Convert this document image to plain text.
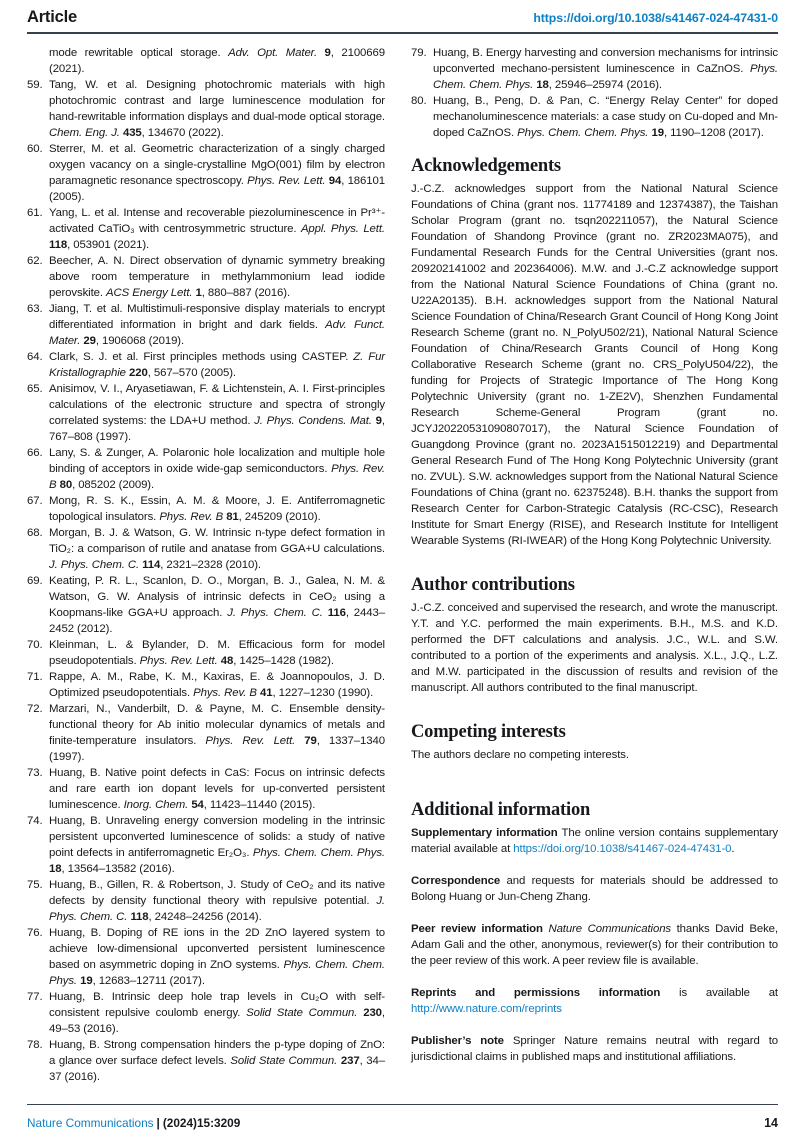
Article	https://doi.org/10.1038/s41467-024-47431-0
mode rewritable optical storage. Adv. Opt. Mater. 9, 2100669 (2021).
59. Tang, W. et al. Designing photochromic materials with high photochromic contrast and large luminescence modulation for hand-rewritable information displays and dual-mode optical storage. Chem. Eng. J. 435, 134670 (2022).
60. Sterrer, M. et al. Geometric characterization of a singly charged oxygen vacancy on a single-crystalline MgO(001) film by electron paramagnetic resonance spectroscopy. Phys. Rev. Lett. 94, 186101 (2005).
61. Yang, L. et al. Intense and recoverable piezoluminescence in Pr³⁺-activated CaTiO₃ with centrosymmetric structure. Appl. Phys. Lett. 118, 053901 (2021).
62. Beecher, A. N. Direct observation of dynamic symmetry breaking above room temperature in methylammonium lead iodide perovskite. ACS Energy Lett. 1, 880–887 (2016).
63. Jiang, T. et al. Multistimuli-responsive display materials to encrypt differentiated information in bright and dark fields. Adv. Funct. Mater. 29, 1906068 (2019).
64. Clark, S. J. et al. First principles methods using CASTEP. Z. Fur Kristallographie 220, 567–570 (2005).
65. Anisimov, V. I., Aryasetiawan, F. & Lichtenstein, A. I. First-principles calculations of the electronic structure and spectra of strongly correlated systems: the LDA+U method. J. Phys. Condens. Mat. 9, 767–808 (1997).
66. Lany, S. & Zunger, A. Polaronic hole localization and multiple hole binding of acceptors in oxide wide-gap semiconductors. Phys. Rev. B 80, 085202 (2009).
67. Mong, R. S. K., Essin, A. M. & Moore, J. E. Antiferromagnetic topological insulators. Phys. Rev. B 81, 245209 (2010).
68. Morgan, B. J. & Watson, G. W. Intrinsic n-type defect formation in TiO₂: a comparison of rutile and anatase from GGA+U calculations. J. Phys. Chem. C. 114, 2321–2328 (2010).
69. Keating, P. R. L., Scanlon, D. O., Morgan, B. J., Galea, N. M. & Watson, G. W. Analysis of intrinsic defects in CeO₂ using a Koopmans-like GGA+U approach. J. Phys. Chem. C. 116, 2443–2452 (2012).
70. Kleinman, L. & Bylander, D. M. Efficacious form for model pseudopotentials. Phys. Rev. Lett. 48, 1425–1428 (1982).
71. Rappe, A. M., Rabe, K. M., Kaxiras, E. & Joannopoulos, J. D. Optimized pseudopotentials. Phys. Rev. B 41, 1227–1230 (1990).
72. Marzari, N., Vanderbilt, D. & Payne, M. C. Ensemble density-functional theory for Ab initio molecular dynamics of metals and finite-temperature insulators. Phys. Rev. Lett. 79, 1337–1340 (1997).
73. Huang, B. Native point defects in CaS: Focus on intrinsic defects and rare earth ion dopant levels for up-converted persistent luminescence. Inorg. Chem. 54, 11423–11440 (2015).
74. Huang, B. Unraveling energy conversion modeling in the intrinsic persistent upconverted luminescence of solids: a study of native point defects in antiferromagnetic Er₂O₃. Phys. Chem. Chem. Phys. 18, 13564–13582 (2016).
75. Huang, B., Gillen, R. & Robertson, J. Study of CeO₂ and its native defects by density functional theory with repulsive potential. J. Phys. Chem. C. 118, 24248–24256 (2014).
76. Huang, B. Doping of RE ions in the 2D ZnO layered system to achieve low-dimensional upconverted persistent luminescence based on asymmetric doping in ZnO systems. Phys. Chem. Chem. Phys. 19, 12683–12711 (2017).
77. Huang, B. Intrinsic deep hole trap levels in Cu₂O with self-consistent repulsive coulomb energy. Solid State Commun. 230, 49–53 (2016).
78. Huang, B. Strong compensation hinders the p-type doping of ZnO: a glance over surface defect levels. Solid State Commun. 237, 34–37 (2016).
79. Huang, B. Energy harvesting and conversion mechanisms for intrinsic upconverted mechano-persistent luminescence in CaZnOS. Phys. Chem. Chem. Phys. 18, 25946–25974 (2016).
80. Huang, B., Peng, D. & Pan, C. “Energy Relay Center” for doped mechanoluminescence materials: a case study on Cu-doped and Mn-doped CaZnOS. Phys. Chem. Chem. Phys. 19, 1190–1208 (2017).
Acknowledgements

J.-C.Z. acknowledges support from the National Natural Science Foundations of China (grant nos. 11774189 and 12374387), the Taishan Scholar Program (grant no. tsqn202211057), the Natural Science Foundation of Shandong Province (grant no. ZR2023MA075), and Fundamental Research Funds for the Central Universities (grant nos. 209202141002 and 202364006). M.W. and J.-C.Z acknowledge support from the National Natural Science Foundations of China (grant no. U22A20135). B.H. acknowledges support from the National Natural Science Foundation of China/Research Grant Council of Hong Kong Joint Research Scheme (grant no. N_PolyU502/21), National Natural Science Foundation of China/Research Grants Council of Hong Kong Collaborative Research Scheme (grant no. CRS_PolyU504/22), the funding for Projects of Strategic Importance of The Hong Kong Polytechnic University (grant no. 1-ZE2V), Shenzhen Fundamental Research Scheme-General Program (grant no. JCYJ20220531090807017), the Natural Science Foundation of Guangdong Province (grant no. 2023A1515012219) and Departmental General Research Fund of The Hong Kong Polytechnic University (grant no. ZVUL). S.W. acknowledges support from the National Natural Science Foundations of China (grant no. 62375248). B.H. thanks the support from Research Center for Carbon-Strategic Catalysis (RC-CSC), Research Institute for Smart Energy (RISE), and Research Institute for Intelligent Wearable Systems (RI-IWEAR) of the Hong Kong Polytechnic University.

Author contributions

J.-C.Z. conceived and supervised the research, and wrote the manuscript. Y.T. and Y.C. performed the main experiments. B.H., M.S. and K.D. performed the DFT calculations and analysis. J.C., W.L. and S.W. contributed to a portion of the experiments and analysis. X.L., J.Q., L.Z. and M.W. participated in the discussion of results and revision of the manuscript. All authors contributed to the final manuscript.

Competing interests

The authors declare no competing interests.

Additional information

Supplementary information The online version contains supplementary material available at https://doi.org/10.1038/s41467-024-47431-0.

Correspondence and requests for materials should be addressed to Bolong Huang or Jun-Cheng Zhang.

Peer review information Nature Communications thanks David Beke, Adam Gali and the other, anonymous, reviewer(s) for their contribution to the peer review of this work. A peer review file is available.

Reprints and permissions information is available at http://www.nature.com/reprints

Publisher’s note Springer Nature remains neutral with regard to jurisdictional claims in published maps and institutional affiliations.

Nature Communications | (2024)15:3209	14
